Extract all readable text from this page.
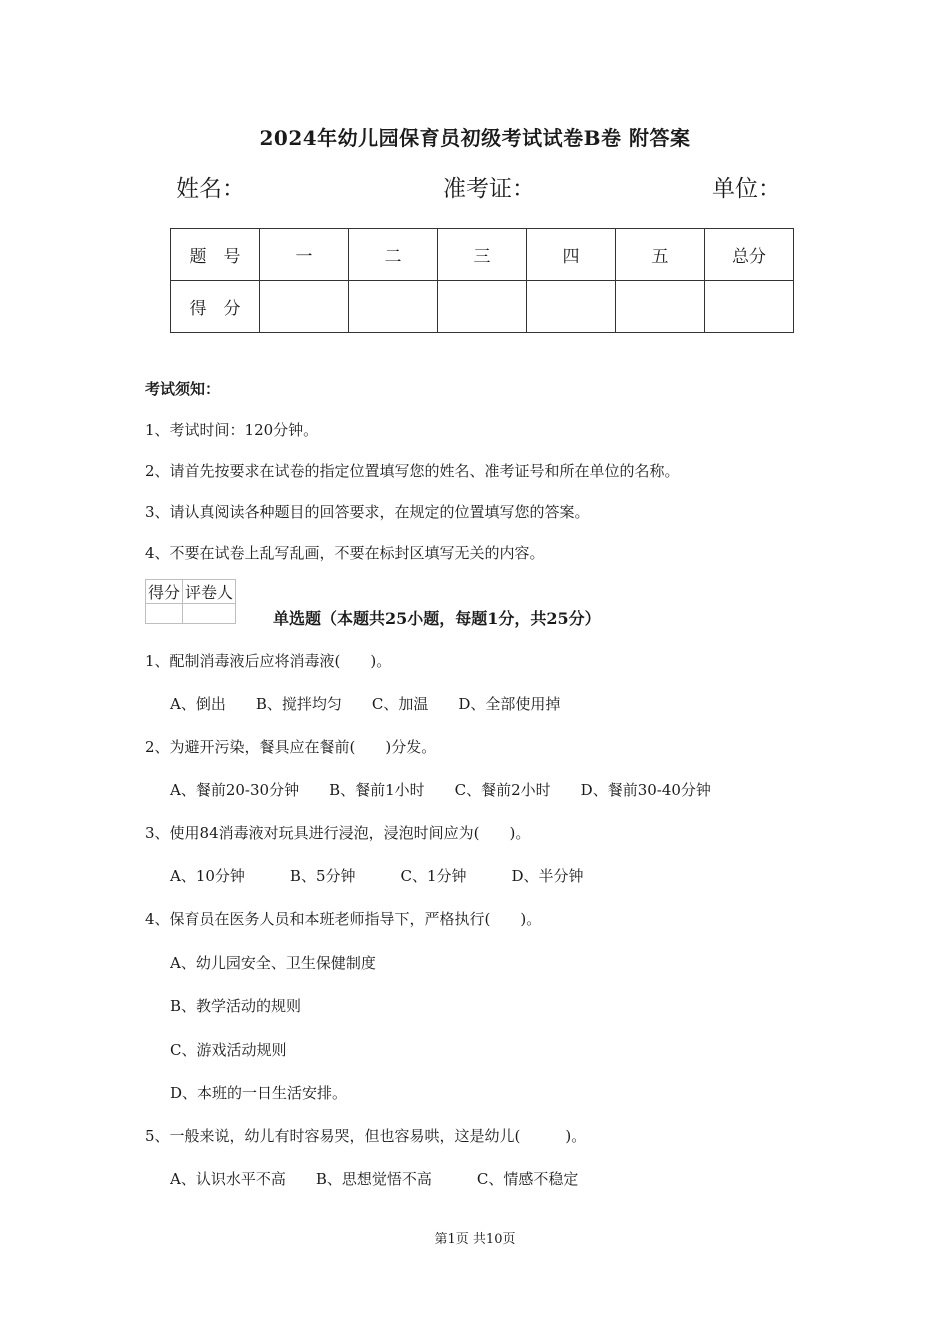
2024年幼儿园保育员初级考试试卷B卷 附答案
姓名：	准考证：	单位：
题　号	一	二	三	四	五	总分
得　分						
考试须知：
1、考试时间：120分钟。
2、请首先按要求在试卷的指定位置填写您的姓名、准考证号和所在单位的名称。
3、请认真阅读各种题目的回答要求，在规定的位置填写您的答案。
4、不要在试卷上乱写乱画，不要在标封区填写无关的内容。
得分	评卷人

单选题（本题共25小题，每题1分，共25分）
1、配制消毒液后应将消毒液(　　)。
A、倒出　　B、搅拌均匀　　C、加温　　D、全部使用掉
2、为避开污染，餐具应在餐前(　　)分发。
A、餐前20-30分钟　　B、餐前1小时　　C、餐前2小时　　D、餐前30-40分钟
3、使用84消毒液对玩具进行浸泡，浸泡时间应为(　　)。
A、10分钟　　　B、5分钟　　　C、1分钟　　　D、半分钟
4、保育员在医务人员和本班老师指导下，严格执行(　　)。
A、幼儿园安全、卫生保健制度
B、教学活动的规则
C、游戏活动规则
D、本班的一日生活安排。
5、一般来说，幼儿有时容易哭，但也容易哄，这是幼儿(　　　)。
A、认识水平不高　　B、思想觉悟不高　　　C、情感不稳定
第1页 共10页
